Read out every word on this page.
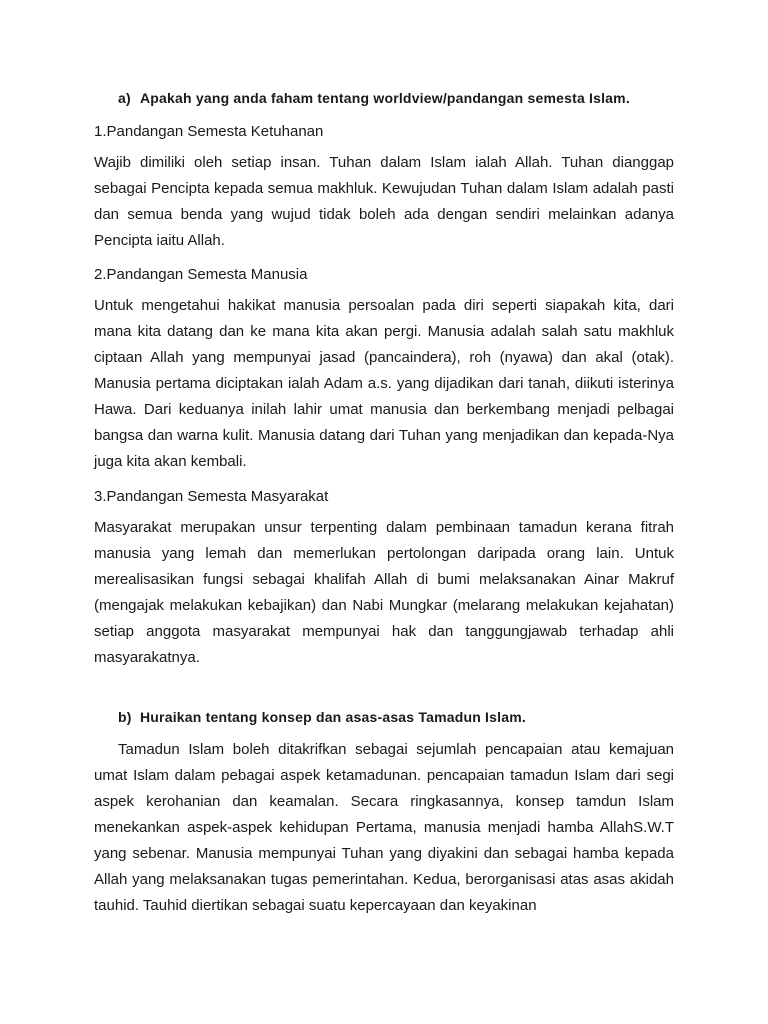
a) Apakah yang anda faham tentang worldview/pandangan semesta Islam.

1.Pandangan Semesta Ketuhanan

Wajib dimiliki oleh setiap insan. Tuhan dalam Islam ialah Allah. Tuhan dianggap sebagai Pencipta kepada semua makhluk. Kewujudan Tuhan dalam Islam adalah pasti dan semua benda yang wujud tidak boleh ada dengan sendiri melainkan adanya Pencipta iaitu Allah.

2.Pandangan Semesta Manusia

Untuk mengetahui hakikat manusia persoalan pada diri seperti siapakah kita, dari mana kita datang dan ke mana kita akan pergi. Manusia adalah salah satu makhluk ciptaan Allah yang mempunyai jasad (pancaindera), roh (nyawa) dan akal (otak). Manusia pertama diciptakan ialah Adam a.s. yang dijadikan dari tanah, diikuti isterinya Hawa. Dari keduanya inilah lahir umat manusia dan berkembang menjadi pelbagai bangsa dan warna kulit. Manusia datang dari Tuhan yang menjadikan dan kepada-Nya juga kita akan kembali.

3.Pandangan Semesta Masyarakat

Masyarakat merupakan unsur terpenting dalam pembinaan tamadun kerana fitrah manusia yang lemah dan memerlukan pertolongan daripada orang lain. Untuk merealisasikan fungsi sebagai khalifah Allah di bumi melaksanakan Ainar Makruf (mengajak melakukan kebajikan) dan Nabi Mungkar (melarang melakukan kejahatan) setiap anggota masyarakat mempunyai hak dan tanggungjawab terhadap ahli masyarakatnya.

b) Huraikan tentang konsep dan asas-asas Tamadun Islam.

Tamadun Islam boleh ditakrifkan sebagai sejumlah pencapaian atau kemajuan umat Islam dalam pebagai aspek ketamadunan. pencapaian tamadun Islam dari segi aspek kerohanian dan keamalan. Secara ringkasannya, konsep tamdun Islam menekankan aspek-aspek kehidupan Pertama, manusia menjadi hamba AllahS.W.T yang sebenar. Manusia mempunyai Tuhan yang diyakini dan sebagai hamba kepada Allah yang melaksanakan tugas pemerintahan. Kedua, berorganisasi atas asas akidah tauhid. Tauhid diertikan sebagai suatu kepercayaan dan keyakinan
